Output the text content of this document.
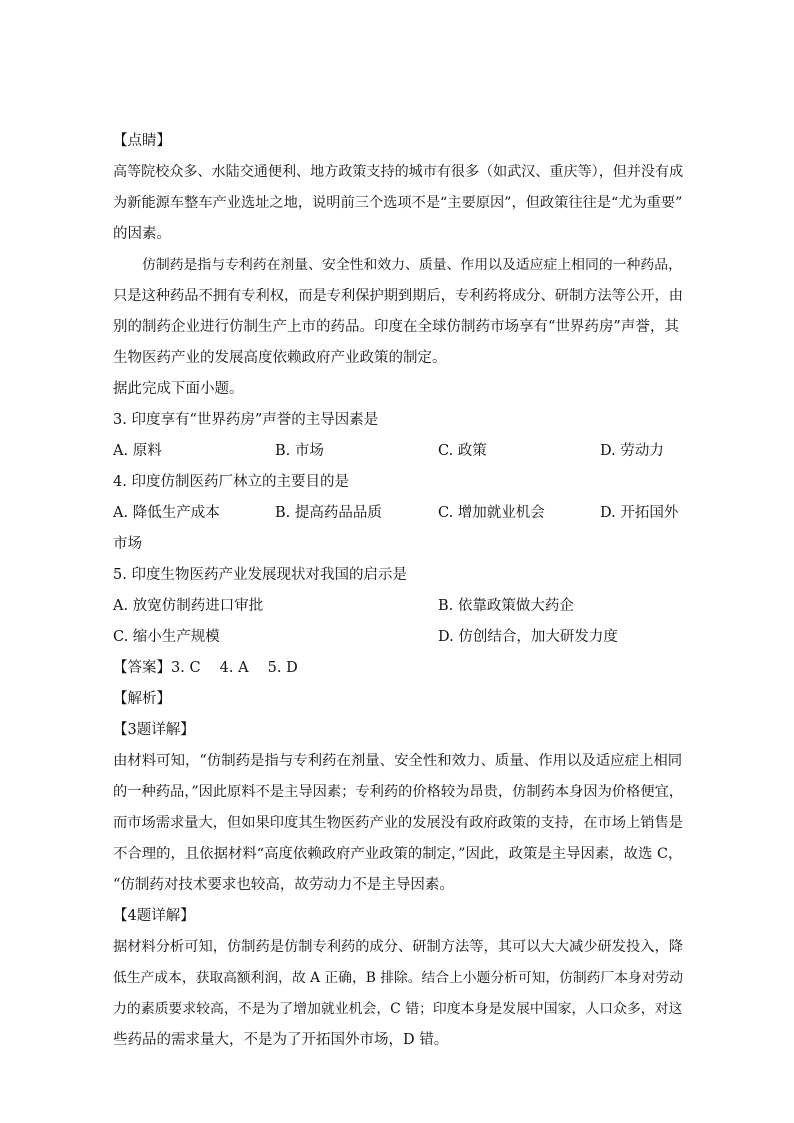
【点睛】
高等院校众多、水陆交通便利、地方政策支持的城市有很多（如武汉、重庆等），但并没有成
为新能源车整车产业选址之地，说明前三个选项不是“主要原因”，但政策往往是“尤为重要”
的因素。
仿制药是指与专利药在剂量、安全性和效力、质量、作用以及适应症上相同的一种药品，
只是这种药品不拥有专利权，而是专利保护期到期后，专利药将成分、研制方法等公开，由
别的制药企业进行仿制生产上市的药品。印度在全球仿制药市场享有“世界药房”声誉，其
生物医药产业的发展高度依赖政府产业政策的制定。
据此完成下面小题。
3. 印度享有“世界药房”声誉的主导因素是
A. 原料	B. 市场	C. 政策	D. 劳动力
4. 印度仿制医药厂林立的主要目的是
A. 降低生产成本	B. 提高药品品质	C. 增加就业机会	D. 开拓国外
市场
5. 印度生物医药产业发展现状对我国的启示是
A. 放宽仿制药进口审批	B. 依靠政策做大药企
C. 缩小生产规模	D. 仿创结合，加大研发力度
【答案】3. C　 4. A　 5. D
【解析】
【3题详解】
由材料可知，“仿制药是指与专利药在剂量、安全性和效力、质量、作用以及适应症上相同
的一种药品，”因此原料不是主导因素；专利药的价格较为昂贵，仿制药本身因为价格便宜，
而市场需求量大，但如果印度其生物医药产业的发展没有政府政策的支持，在市场上销售是
不合理的，且依据材料“高度依赖政府产业政策的制定，”因此，政策是主导因素，故选 C，
“仿制药对技术要求也较高，故劳动力不是主导因素。
【4题详解】
据材料分析可知，仿制药是仿制专利药的成分、研制方法等，其可以大大减少研发投入，降
低生产成本，获取高额利润，故 A 正确，B 排除。结合上小题分析可知，仿制药厂本身对劳动
力的素质要求较高，不是为了增加就业机会，C 错；印度本身是发展中国家，人口众多，对这
些药品的需求量大，不是为了开拓国外市场，D 错。
